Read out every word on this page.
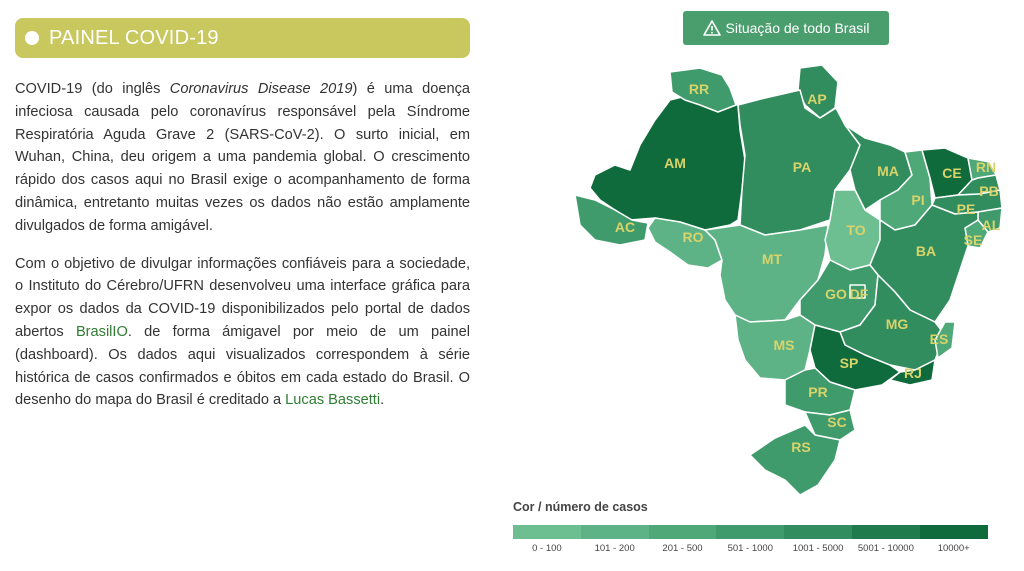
PAINEL COVID-19

COVID-19 (do inglês Coronavirus Disease 2019) é uma doença infeciosa causada pelo coronavírus responsável pela Síndrome Respiratória Aguda Grave 2 (SARS-CoV-2). O surto inicial, em Wuhan, China, deu origem a uma pandemia global. O crescimento rápido dos casos aqui no Brasil exige o acompanhamento de forma dinâmica, entretanto muitas vezes os dados não estão amplamente divulgados de forma amigável.

Com o objetivo de divulgar informações confiáveis para a sociedade, o Instituto do Cérebro/UFRN desenvolveu uma interface gráfica para expor os dados da COVID-19 disponibilizados pelo portal de dados abertos BrasilIO. de forma ámigavel por meio de um painel (dashboard). Os dados aqui visualizados correspondem à série histórica de casos confirmados e óbitos em cada estado do Brasil. O desenho do mapa do Brasil é creditado a Lucas Bassetti.

Situação de todo Brasil
RR
AP
AM	PA	MA	CE RN
PB
PE
PI
AL
SE
AC
RO	TO
BA
MT
GO DF
MG
ES
MS
SP
RJ
PR
SC
RS
Cor / número de casos
0 - 100	101 - 200	201 - 500	501 - 1000	1001 - 5000	5001 - 10000	10000+
